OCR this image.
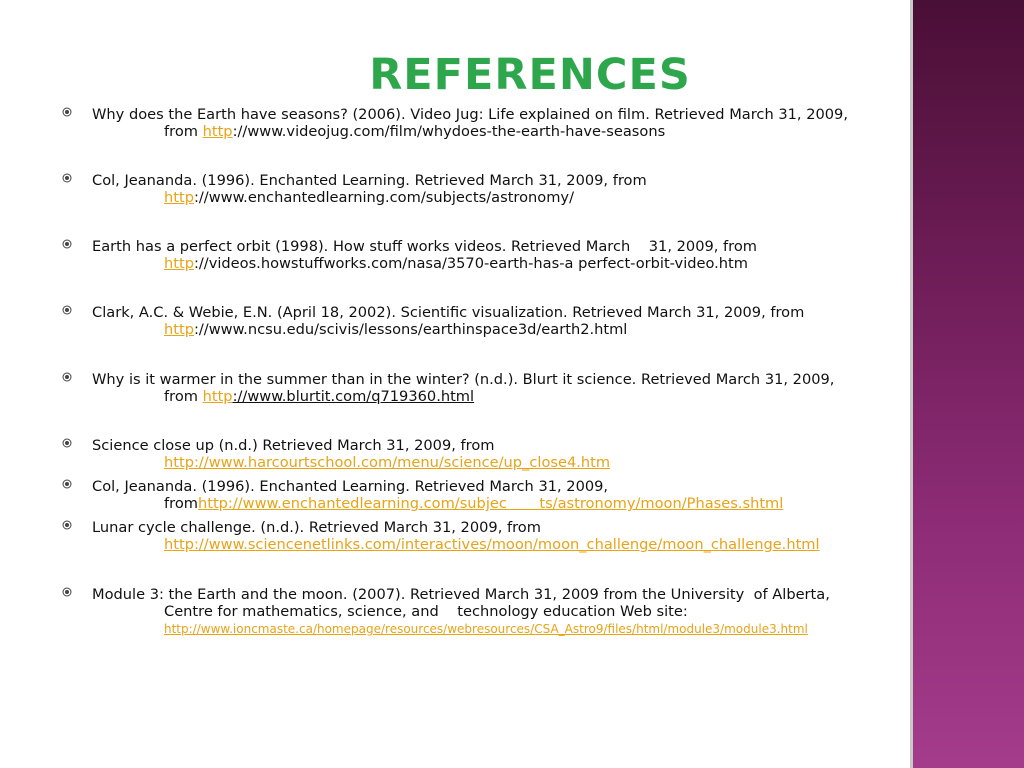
REFERENCES
Why does the Earth have seasons? (2006). Video Jug: Life explained on film. Retrieved March 31, 2009,
from http://www.videojug.com/film/whydoes-the-earth-have-seasons
Col, Jeananda. (1996). Enchanted Learning. Retrieved March 31, 2009, from
http://www.enchantedlearning.com/subjects/astronomy/
Earth has a perfect orbit (1998). How stuff works videos. Retrieved March    31, 2009, from
http://videos.howstuffworks.com/nasa/3570-earth-has-a perfect-orbit-video.htm
Clark, A.C. & Webie, E.N. (April 18, 2002). Scientific visualization. Retrieved March 31, 2009, from
http://www.ncsu.edu/scivis/lessons/earthinspace3d/earth2.html
Why is it warmer in the summer than in the winter? (n.d.). Blurt it science. Retrieved March 31, 2009,
from http://www.blurtit.com/q719360.html
Science close up (n.d.) Retrieved March 31, 2009, from
http://www.harcourtschool.com/menu/science/up_close4.htm
Col, Jeananda. (1996). Enchanted Learning. Retrieved March 31, 2009,
fromhttp://www.enchantedlearning.com/subjec       ts/astronomy/moon/Phases.shtml
Lunar cycle challenge. (n.d.). Retrieved March 31, 2009, from
http://www.sciencenetlinks.com/interactives/moon/moon_challenge/moon_challenge.html
Module 3: the Earth and the moon. (2007). Retrieved March 31, 2009 from the University  of Alberta,
Centre for mathematics, science, and    technology education Web site:
http://www.ioncmaste.ca/homepage/resources/webresources/CSA_Astro9/files/html/module3/module3.html
